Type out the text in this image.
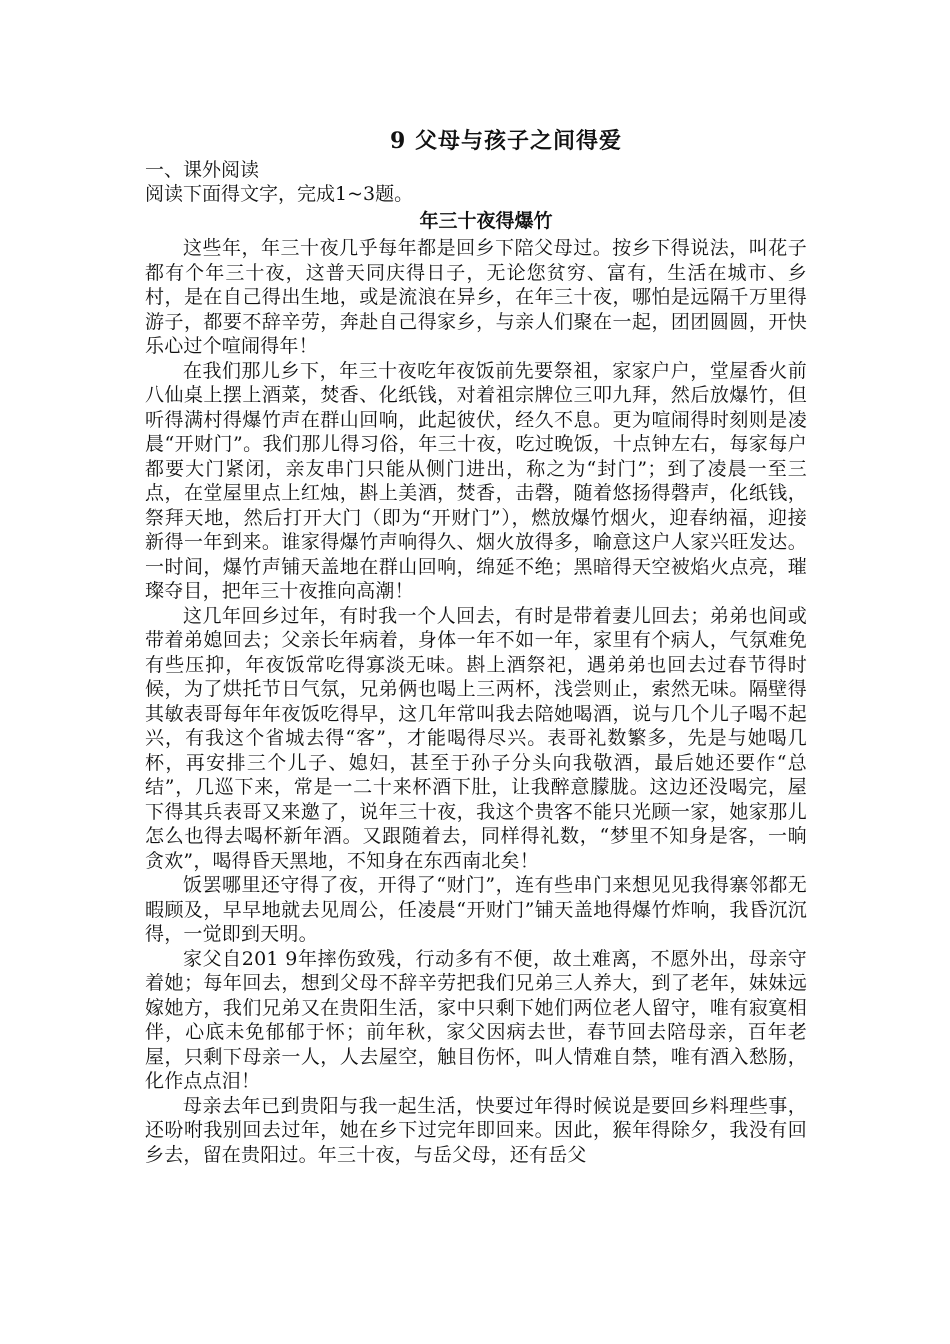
9 父母与孩子之间得爱

一、课外阅读

阅读下面得文字，完成1~3题。

年三十夜得爆竹

这些年，年三十夜几乎每年都是回乡下陪父母过。按乡下得说法，叫花子都有个年三十夜，这普天同庆得日子，无论您贫穷、富有，生活在城市、乡村，是在自己得出生地，或是流浪在异乡，在年三十夜，哪怕是远隔千万里得游子，都要不辞辛劳，奔赴自己得家乡，与亲人们聚在一起，团团圆圆，开快乐心过个喧闹得年！

在我们那儿乡下，年三十夜吃年夜饭前先要祭祖，家家户户，堂屋香火前八仙桌上摆上酒菜，焚香、化纸钱，对着祖宗牌位三叩九拜，然后放爆竹，但听得满村得爆竹声在群山回响，此起彼伏，经久不息。更为喧闹得时刻则是凌晨“开财门”。我们那儿得习俗，年三十夜，吃过晚饭，十点钟左右，每家每户都要大门紧闭，亲友串门只能从侧门进出，称之为“封门”；到了凌晨一至三点，在堂屋里点上红烛，斟上美酒，焚香，击磬，随着悠扬得磬声，化纸钱，祭拜天地，然后打开大门（即为“开财门”），燃放爆竹烟火，迎春纳福，迎接新得一年到来。谁家得爆竹声响得久、烟火放得多，喻意这户人家兴旺发达。一时间，爆竹声铺天盖地在群山回响，绵延不绝；黑暗得天空被焰火点亮，璀璨夺目，把年三十夜推向高潮！

这几年回乡过年，有时我一个人回去，有时是带着妻儿回去；弟弟也间或带着弟媳回去；父亲长年病着，身体一年不如一年，家里有个病人，气氛难免有些压抑，年夜饭常吃得寡淡无味。斟上酒祭祀，遇弟弟也回去过春节得时候，为了烘托节日气氛，兄弟俩也喝上三两杯，浅尝则止，索然无味。隔壁得其敏表哥每年年夜饭吃得早，这几年常叫我去陪她喝酒，说与几个儿子喝不起兴，有我这个省城去得“客”，才能喝得尽兴。表哥礼数繁多，先是与她喝几杯，再安排三个儿子、媳妇，甚至于孙子分头向我敬酒，最后她还要作“总结”，几巡下来，常是一二十来杯酒下肚，让我醉意朦胧。这边还没喝完，屋下得其兵表哥又来邀了，说年三十夜，我这个贵客不能只光顾一家，她家那儿怎么也得去喝杯新年酒。又跟随着去，同样得礼数，“梦里不知身是客，一晌贪欢”，喝得昏天黑地，不知身在东西南北矣！

饭罢哪里还守得了夜，开得了“财门”，连有些串门来想见见我得寨邻都无暇顾及，早早地就去见周公，任凌晨“开财门”铺天盖地得爆竹炸响，我昏沉沉得，一觉即到天明。

家父自201 9年摔伤致残，行动多有不便，故土难离，不愿外出，母亲守着她；每年回去，想到父母不辞辛劳把我们兄弟三人养大，到了老年，妹妹远嫁她方，我们兄弟又在贵阳生活，家中只剩下她们两位老人留守，唯有寂寞相伴，心底未免郁郁于怀；前年秋，家父因病去世，春节回去陪母亲，百年老屋，只剩下母亲一人，人去屋空，触目伤怀，叫人情难自禁，唯有酒入愁肠，化作点点泪！

母亲去年已到贵阳与我一起生活，快要过年得时候说是要回乡料理些事，还吩咐我别回去过年，她在乡下过完年即回来。因此，猴年得除夕，我没有回乡去，留在贵阳过。年三十夜，与岳父母，还有岳父
